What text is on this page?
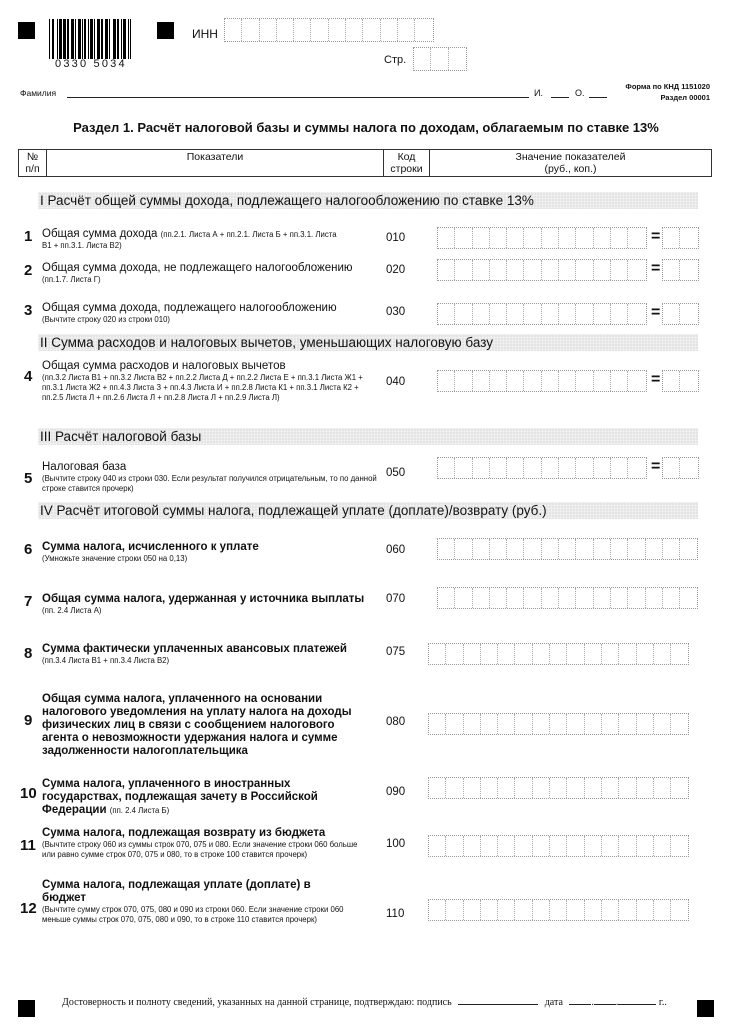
0330 5034
ИНН
Стр.
Фамилия	И.	О.
Форма по КНД 1151020
Раздел 00001
Раздел 1. Расчёт налоговой базы и суммы налога по доходам, облагаемым по ставке 13%
№
п/п	Показатели	Код
строки	Значение показателей
(руб., коп.)
I Расчёт общей суммы дохода, подлежащего налогообложению по ставке 13%
1 Общая сумма дохода (пп.2.1. Листа А + пп.2.1. Листа Б + пп.3.1. Листа
В1 + пп.3.1. Листа В2)
010	=
2 Общая сумма дохода, не подлежащего налогообложению
(пп.1.7. Листа Г)
020	=
3 Общая сумма дохода, подлежащего налогообложению
(Вычтите строку 020 из строки 010)
030	=
II Сумма расходов и налоговых вычетов, уменьшающих налоговую базу
4
Общая сумма расходов и налоговых вычетов
(пп.3.2 Листа В1 + пп.3.2 Листа В2 + пп.2.2 Листа Д + пп.2.2 Листа Е + пп.3.1 Листа Ж1 + пп.3.1 Листа Ж2 + пп.4.3 Листа З + пп.4.3 Листа И + пп.2.8 Листа К1 + пп.3.1 Листа К2 + пп.2.5 Листа Л + пп.2.6 Листа Л + пп.2.8 Листа Л + пп.2.9 Листа Л)
040	=
III Расчёт налоговой базы
5
Налоговая база
(Вычтите строку 040 из строки 030. Если результат получился отрицательным, то по данной строке ставится прочерк)
050	=
IV Расчёт итоговой суммы налога, подлежащей уплате (доплате)/возврату (руб.)
6 Сумма налога, исчисленного к уплате
(Умножьте значение строки 050 на 0,13)
060
7 Общая сумма налога, удержанная у источника выплаты
(пп. 2.4 Листа А)
070
8 Сумма фактически уплаченных авансовых платежей
(пп.3.4 Листа В1 + пп.3.4 Листа В2)
075
9
Общая сумма налога, уплаченного на основании налогового уведомления на уплату налога на доходы физических лиц в связи с сообщением налогового агента о невозможности удержания налога и сумме задолженности налогоплательщика
080
10
Сумма налога, уплаченного в иностранных государствах, подлежащая зачету в Российской Федерации (пп. 2.4 Листа Б)
090
11
Сумма налога, подлежащая возврату из бюджета
(Вычтите строку 060 из суммы строк 070, 075 и 080. Если значение строки 060 больше или равно сумме строк 070, 075 и 080, то в строке 100 ставится прочерк)
100
12
Сумма налога, подлежащая уплате (доплате) в бюджет
(Вычтите сумму строк 070, 075, 080 и 090 из строки 060. Если значение строки 060 меньше суммы строк 070, 075, 080 и 090, то в строке 110 ставится прочерк)	110
Достоверность и полноту сведений, указанных на данной странице, подтверждаю: подпись	дата	. .	г..
